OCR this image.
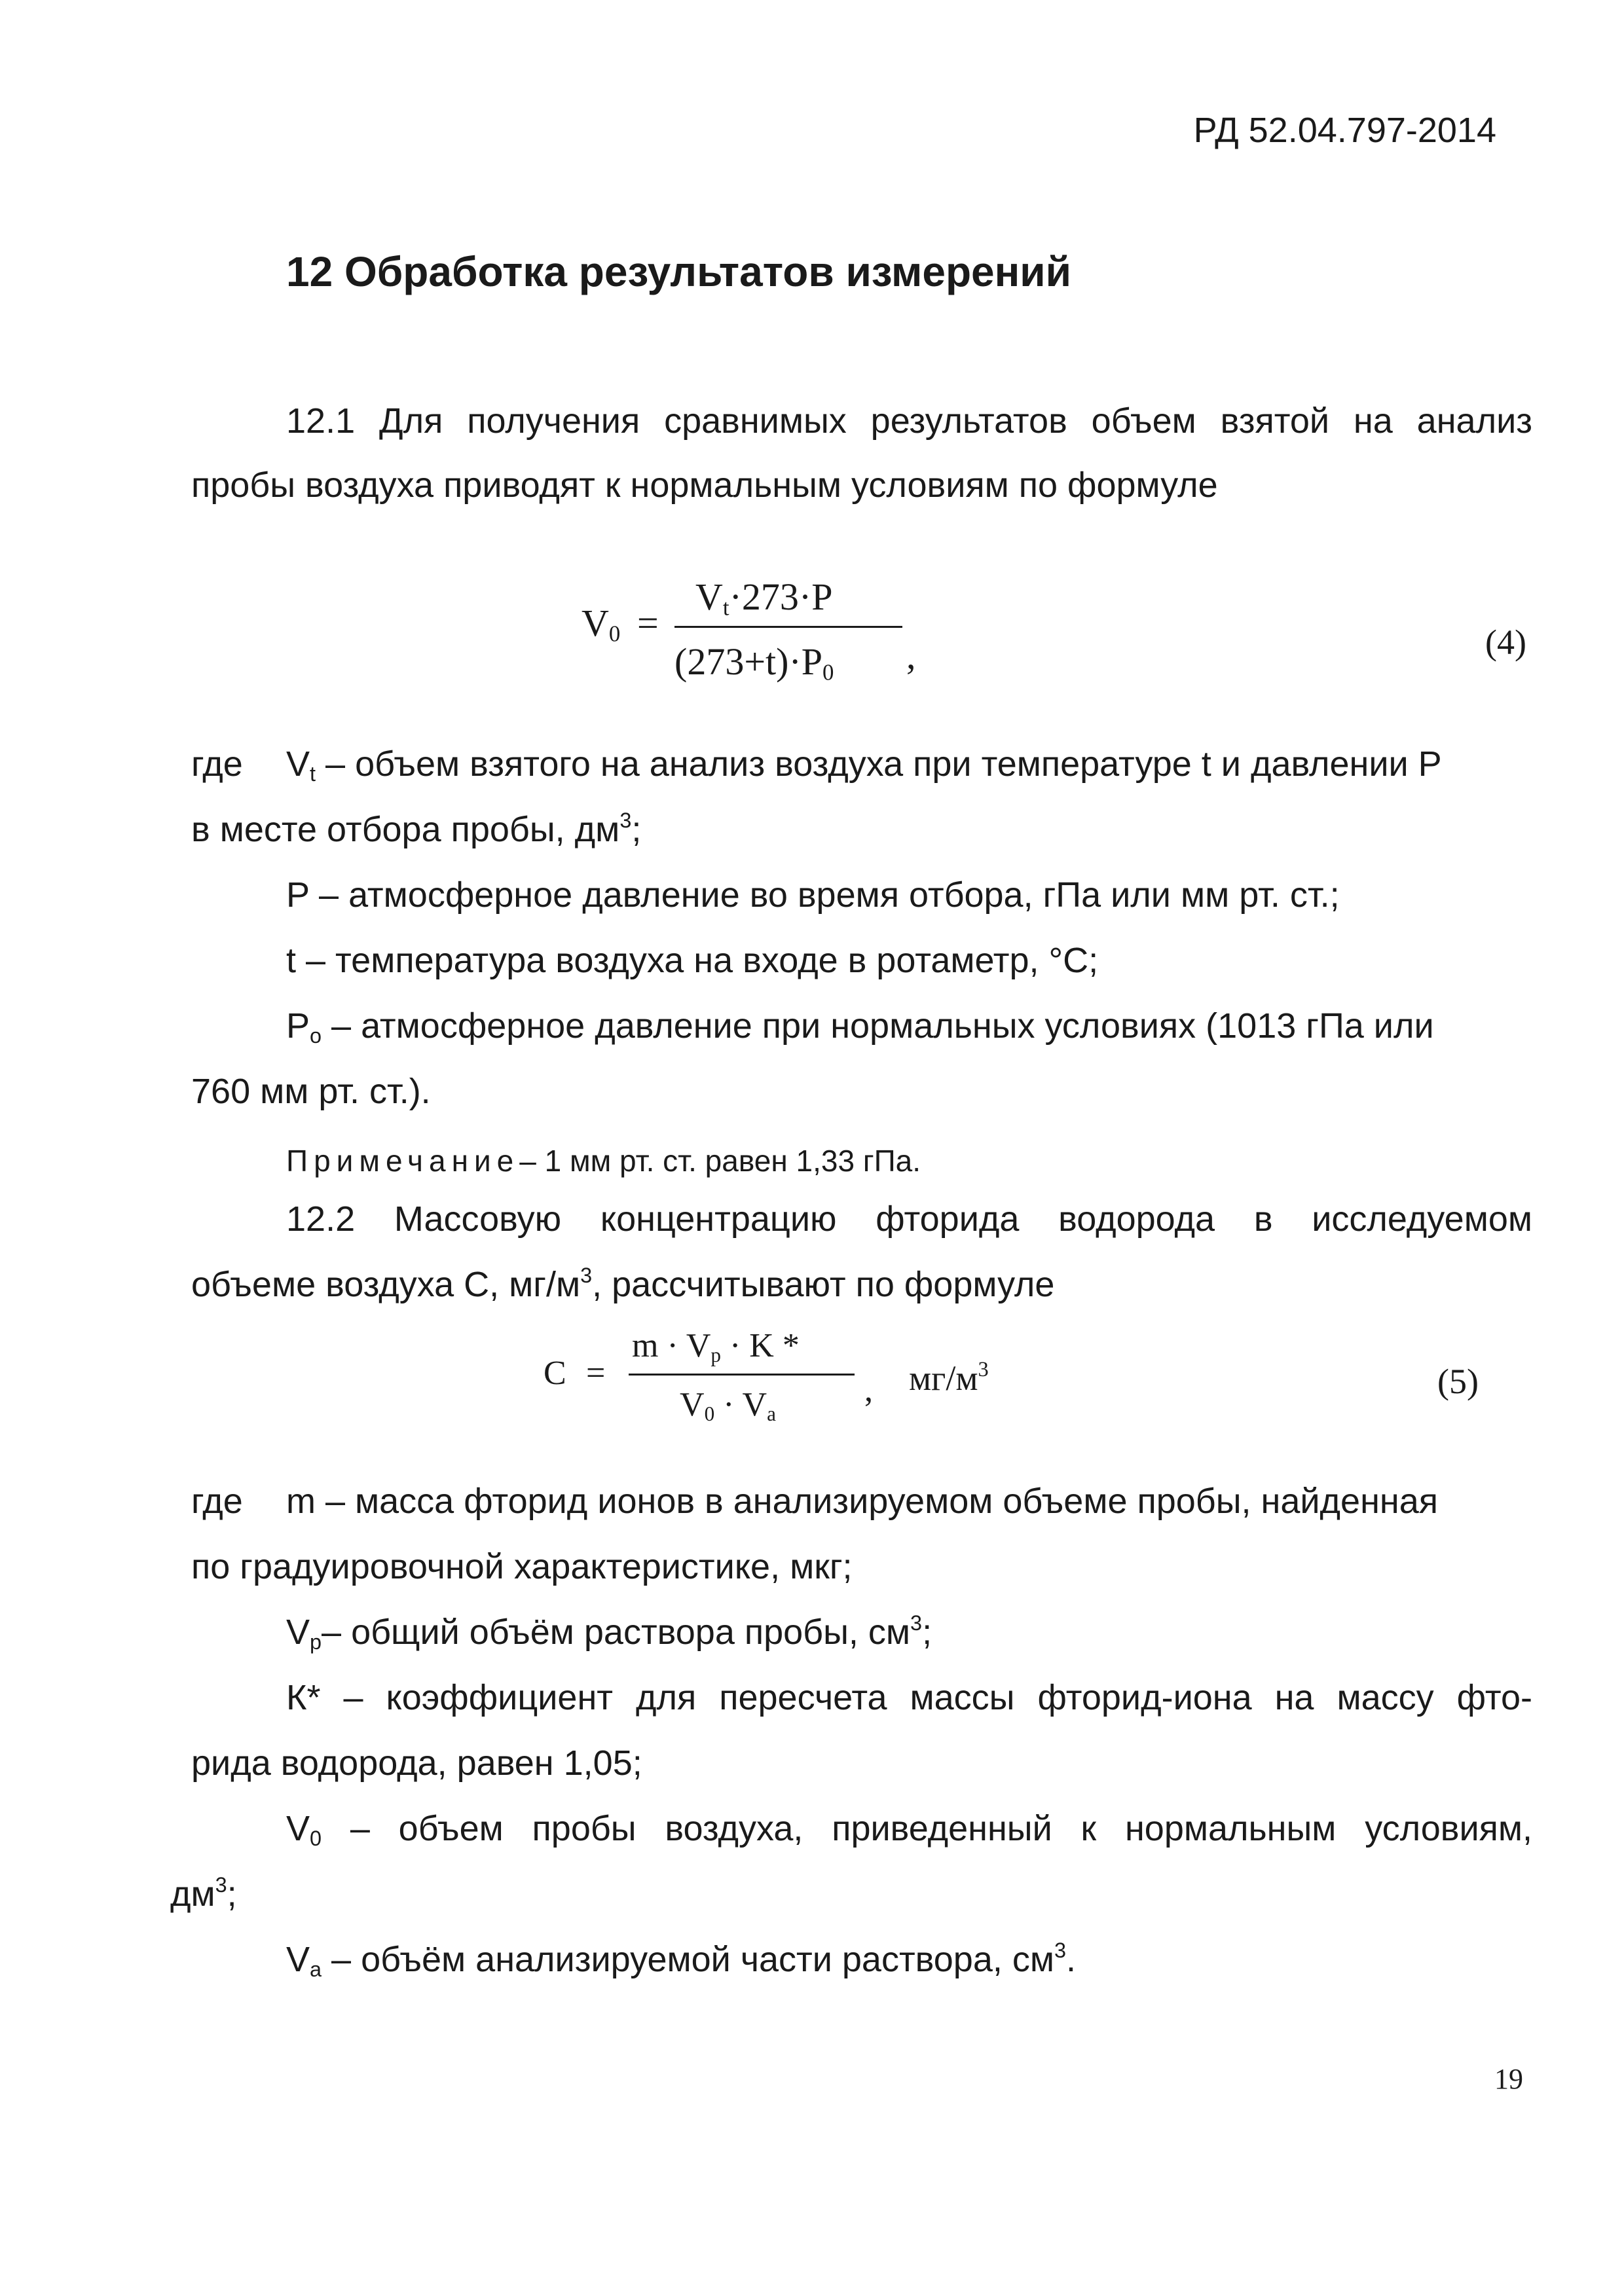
РД 52.04.797-2014
12 Обработка результатов измерений
12.1 Для получения сравнимых результатов объем взятой на анализ
пробы воздуха приводят к нормальным условиям по формуле
$V_0$ =
$V_t\cdot 273\cdot P$
$(273+t)\cdot P_0$ ,	(4)
где $V_t$ – объем взятого на анализ воздуха при температуре t и давлении P
в месте отбора пробы, $дм^3$;
P – атмосферное давление во время отбора, гПа или мм рт. ст.;
t – температура воздуха на входе в ротаметр, °С;
$P_o$ – атмосферное давление при нормальных условиях (1013 гПа или
760 мм рт. ст.).
Примечание– 1 мм рт. ст. равен 1,33 гПа.
12.2 Массовую концентрацию фторида водорода в исследуемом
объеме воздуха С, $мг/м^3$, рассчитывают по формуле
C =
$m \cdot V_р \cdot K$ *
$V_0 \cdot V_а$
, $мг/м^3$	(5)
где m – масса фторид ионов в анализируемом объеме пробы, найденная
по градуировочной характеристике, мкг;
$V_р-$ общий объём раствора пробы, $см^3$;
К* – коэффициент для пересчета массы фторид-иона на массу фто-
рида водорода, равен 1,05;
$V_0$ – объем пробы воздуха, приведенный к нормальным условиям,
$дм^3$;
$V_а$ – объём анализируемой части раствора, $см^3$.
19
